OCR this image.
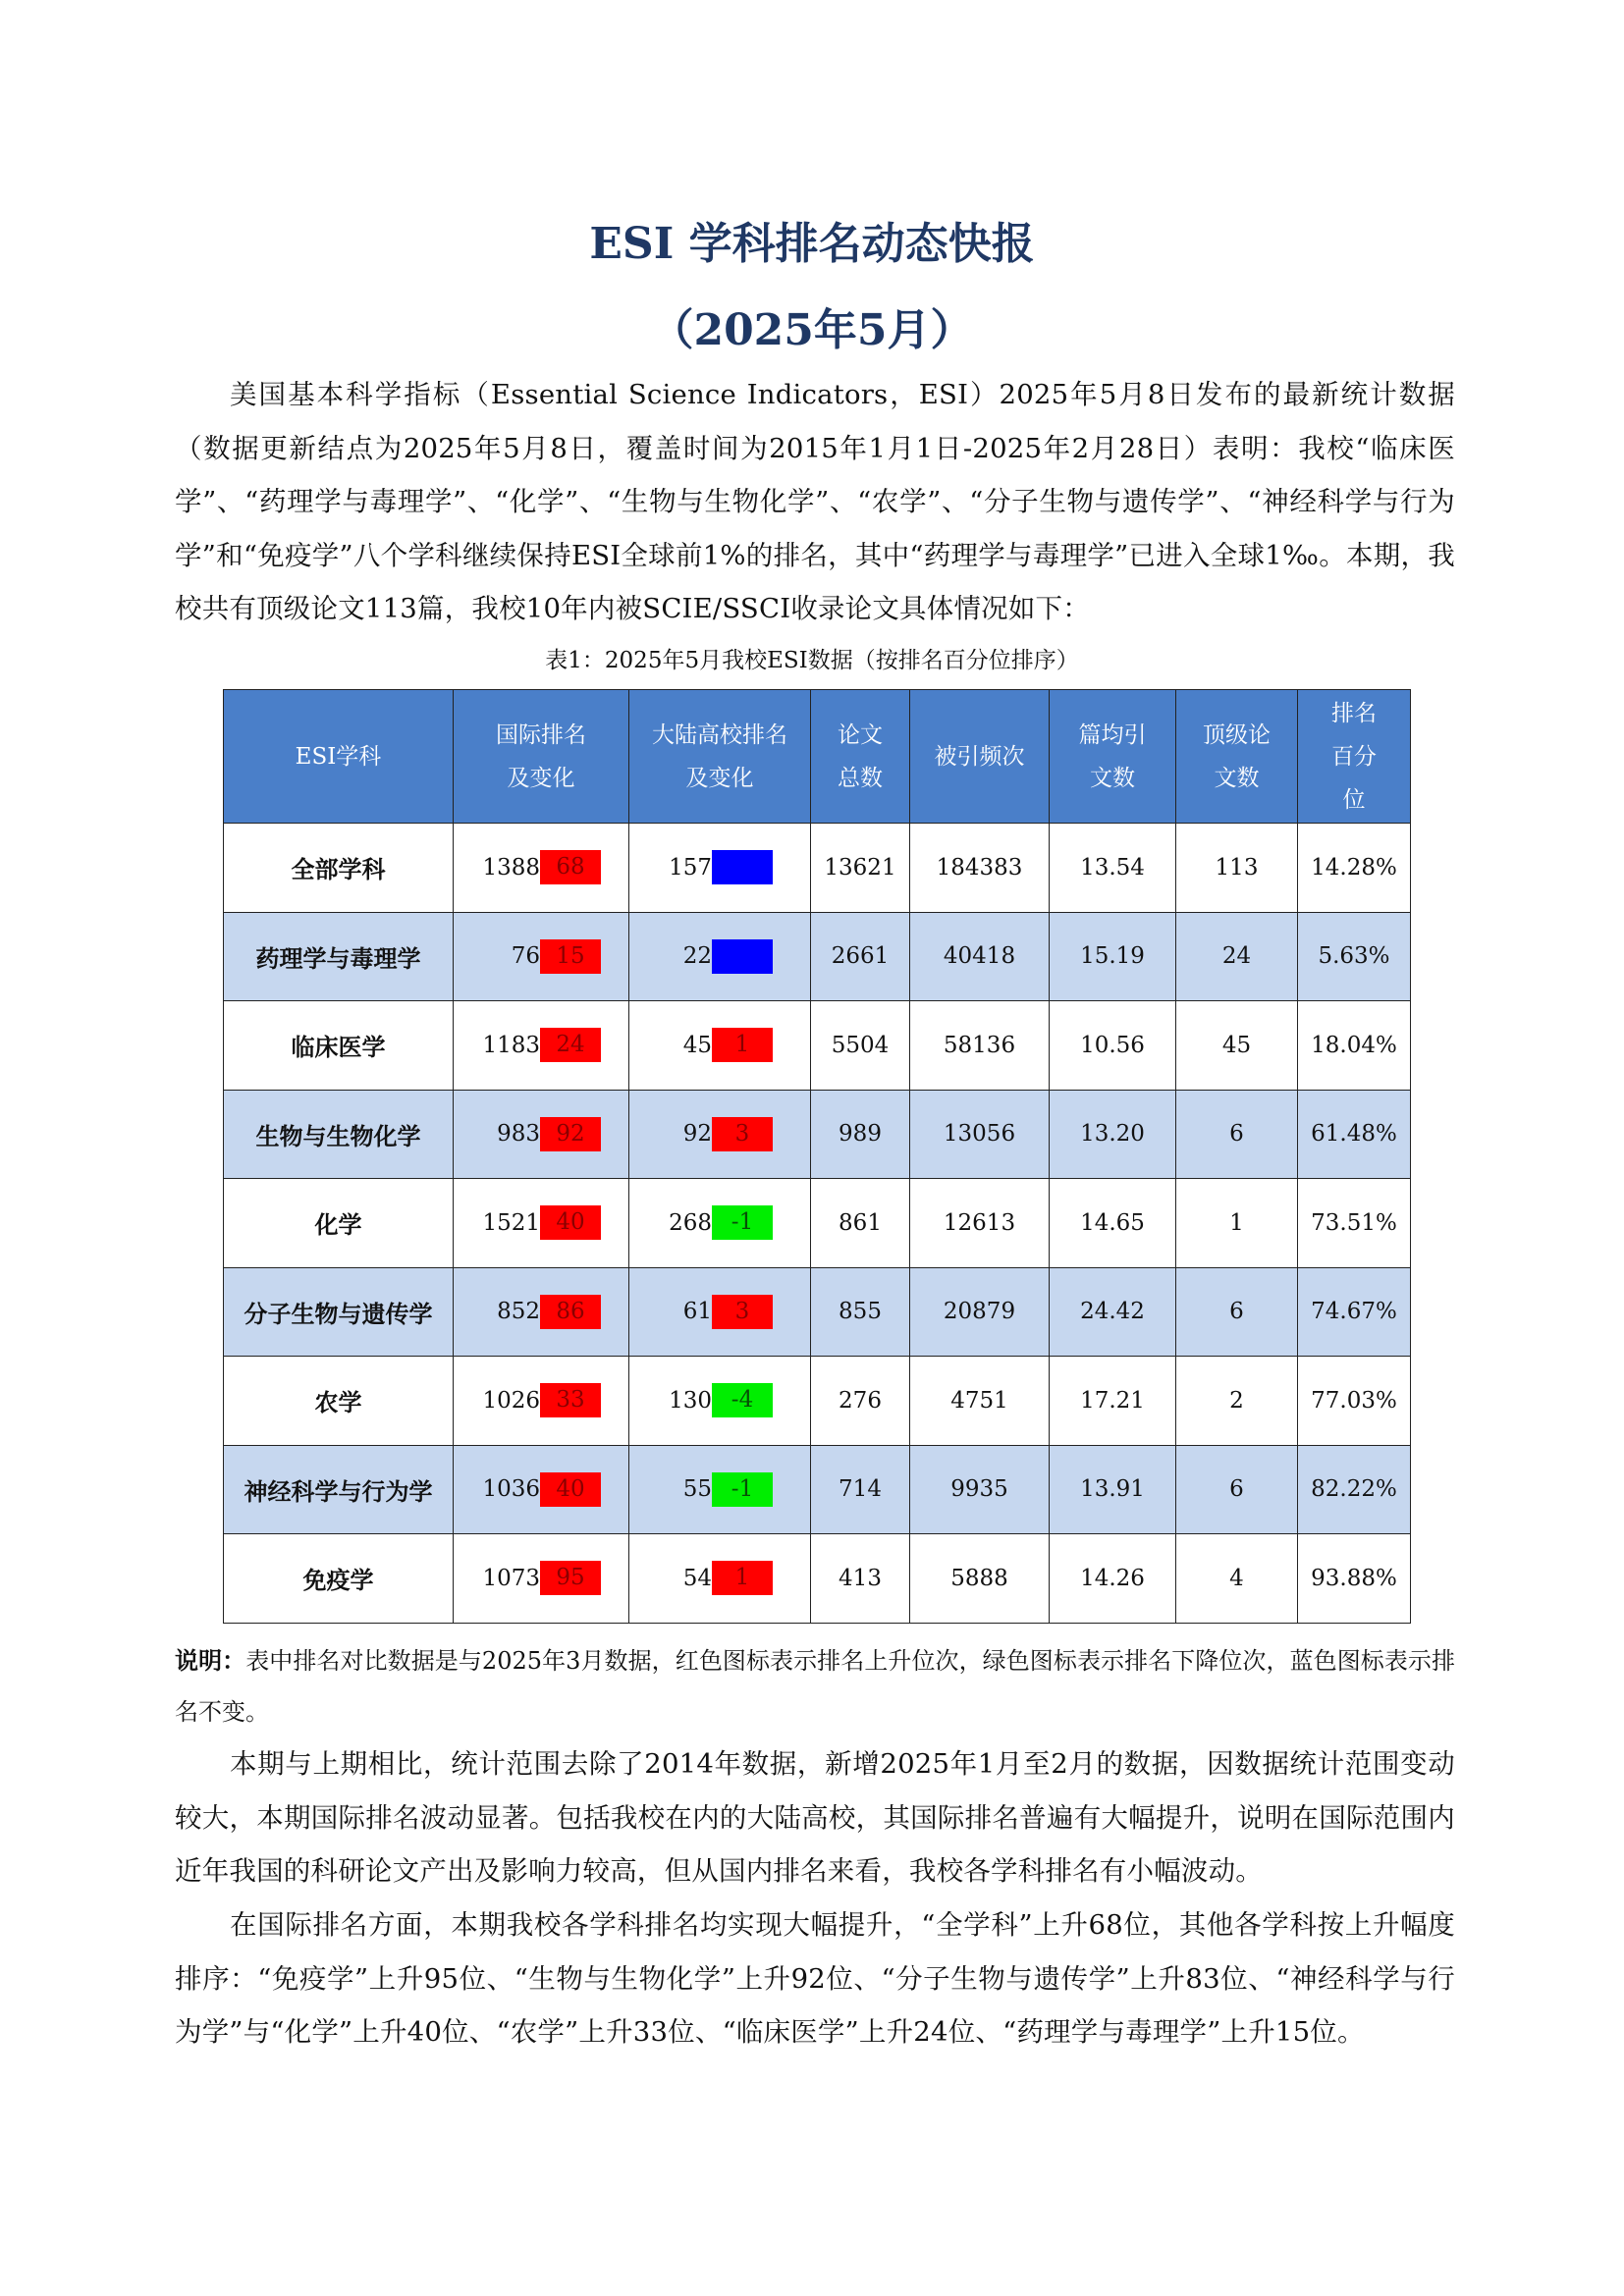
ESI 学科排名动态快报
（2025年5月）

美国基本科学指标（Essential Science Indicators，ESI）2025年5月8日发布的最新统计数据（数据更新结点为2025年5月8日，覆盖时间为2015年1月1日-2025年2月28日）表明：我校“临床医学”、“药理学与毒理学”、“化学”、“生物与生物化学”、“农学”、“分子生物与遗传学”、“神经科学与行为学”和“免疫学”八个学科继续保持ESI全球前1%的排名，其中“药理学与毒理学”已进入全球1‰。本期，我校共有顶级论文113篇，我校10年内被SCIE/SSCI收录论文具体情况如下：

表1：2025年5月我校ESI数据（按排名百分位排序）

ESI学科	国际排名及变化	大陆高校排名及变化	论文总数	被引频次	篇均引文数	顶级论文数	排名百分位
全部学科	1388 68	157	13621	184383	13.54	113	14.28%
药理学与毒理学	76 15	22	2661	40418	15.19	24	5.63%
临床医学	1183 24	45 1	5504	58136	10.56	45	18.04%
生物与生物化学	983 92	92 3	989	13056	13.20	6	61.48%
化学	1521 40	268 -1	861	12613	14.65	1	73.51%
分子生物与遗传学	852 86	61 3	855	20879	24.42	6	74.67%
农学	1026 33	130 -4	276	4751	17.21	2	77.03%
神经科学与行为学	1036 40	55 -1	714	9935	13.91	6	82.22%
免疫学	1073 95	54 1	413	5888	14.26	4	93.88%

说明：表中排名对比数据是与2025年3月数据，红色图标表示排名上升位次，绿色图标表示排名下降位次，蓝色图标表示排名不变。

本期与上期相比，统计范围去除了2014年数据，新增2025年1月至2月的数据，因数据统计范围变动较大，本期国际排名波动显著。包括我校在内的大陆高校，其国际排名普遍有大幅提升，说明在国际范围内近年我国的科研论文产出及影响力较高，但从国内排名来看，我校各学科排名有小幅波动。

在国际排名方面，本期我校各学科排名均实现大幅提升，“全学科”上升68位，其他各学科按上升幅度排序：“免疫学”上升95位、“生物与生物化学”上升92位、“分子生物与遗传学”上升83位、“神经科学与行为学”与“化学”上升40位、“农学”上升33位、“临床医学”上升24位、“药理学与毒理学”上升15位。
